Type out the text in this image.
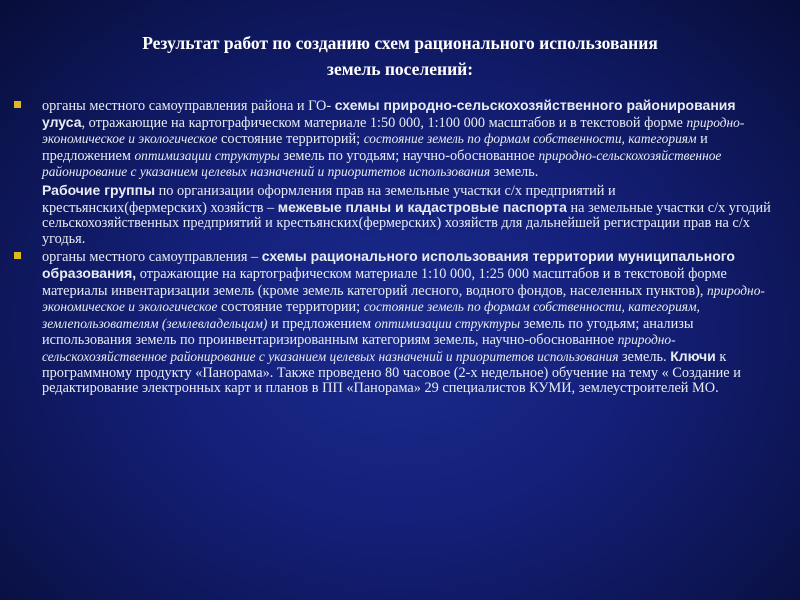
Результат работ по созданию схем рационального использования
земель поселений:

органы местного самоуправления района и ГО- схемы природно-сельскохозяйственного районирования улуса, отражающие на картографическом материале 1:50 000, 1:100 000 масштабов и в текстовой форме природно-экономическое и экологическое состояние территорий; состояние земель по формам собственности, категориям и предложением оптимизации структуры земель по угодьям; научно-обоснованное природно-сельскохозяйственное районирование с указанием целевых назначений и приоритетов использования земель.

Рабочие группы по организации оформления прав на земельные участки с/х предприятий и крестьянских(фермерских) хозяйств – межевые планы и кадастровые паспорта на земельные участки с/х угодий сельскохозяйственных предприятий и крестьянских(фермерских) хозяйств для дальнейшей регистрации прав на с/х угодья.

органы местного самоуправления – схемы рационального использования территории муниципального образования, отражающие на картографическом материале 1:10 000, 1:25 000 масштабов и в текстовой форме материалы инвентаризации земель (кроме земель категорий лесного, водного фондов, населенных пунктов), природно-экономическое и экологическое состояние территории; состояние земель по формам собственности, категориям, землепользователям (землевладельцам) и предложением оптимизации структуры земель по угодьям; анализы использования земель по проинвентаризированным категориям земель, научно-обоснованное природно-сельскохозяйственное районирование с указанием целевых назначений и приоритетов использования земель. Ключи к программному продукту «Панорама». Также проведено 80 часовое (2-х недельное) обучение на тему « Создание и редактирование электронных карт и планов в ПП «Панорама» 29 специалистов КУМИ, землеустроителей МО.
